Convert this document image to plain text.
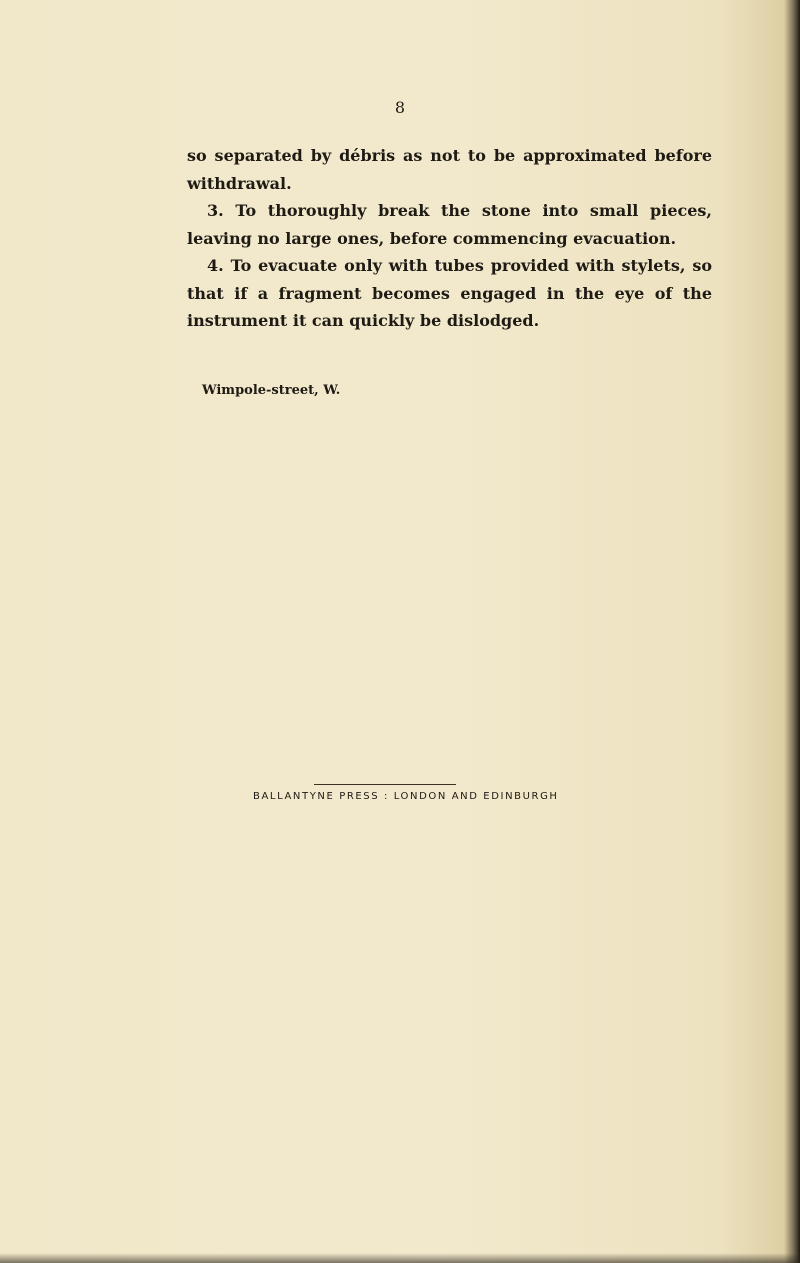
8

so separated by débris as not to be approximated before withdrawal.

3. To thoroughly break the stone into small pieces, leaving no large ones, before commencing evacuation.

4. To evacuate only with tubes provided with stylets, so that if a fragment becomes engaged in the eye of the instrument it can quickly be dislodged.

Wimpole-street, W.
BALLANTYNE PRESS : LONDON AND EDINBURGH
